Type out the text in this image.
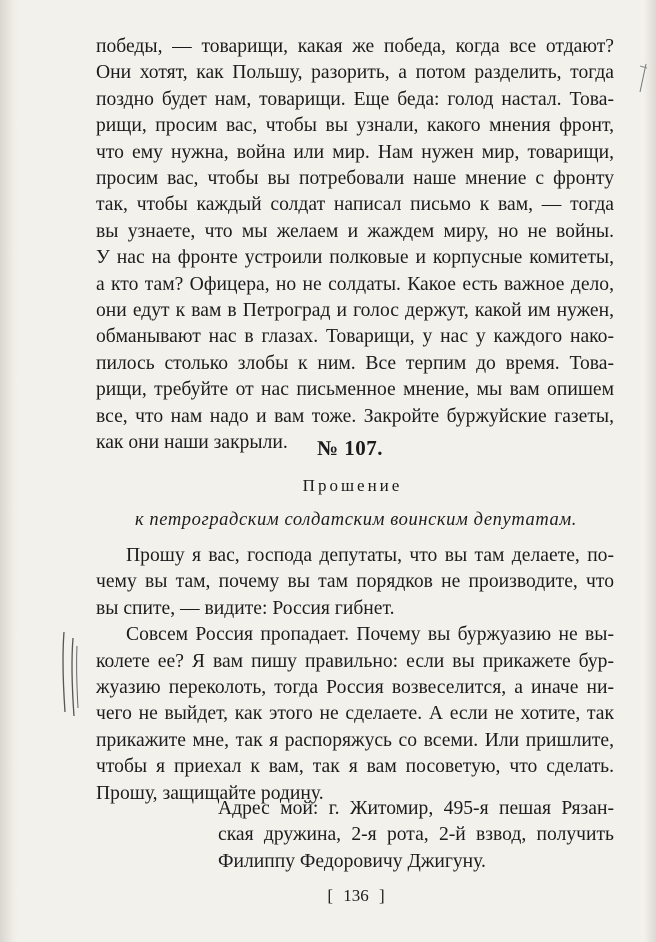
победы, — товарищи, какая же победа, когда все отдают?
Они хотят, как Польшу, разорить, а потом разделить, тогда
поздно будет нам, товарищи. Еще беда: голод настал. Това-
рищи, просим вас, чтобы вы узнали, какого мнения фронт,
что ему нужна, война или мир. Нам нужен мир, товарищи,
просим вас, чтобы вы потребовали наше мнение с фронту
так, чтобы каждый солдат написал письмо к вам, — тогда
вы узнаете, что мы желаем и жаждем миру, но не войны.
У нас на фронте устроили полковые и корпусные комитеты,
а кто там? Офицера, но не солдаты. Какое есть важное дело,
они едут к вам в Петроград и голос держут, какой им нужен,
обманывают нас в глазах. Товарищи, у нас у каждого нако-
пилось столько злобы к ним. Все терпим до время. Това-
рищи, требуйте от нас письменное мнение, мы вам опишем
все, что нам надо и вам тоже. Закройте буржуйские газеты,
как они наши закрыли.	№ 107.
Прошение
к петроградским солдатским воинским депутатам.
Прошу я вас, господа депутаты, что вы там делаете, по-
чему вы там, почему вы там порядков не производите, что
вы спите, — видите: Россия гибнет.
Совсем Россия пропадает. Почему вы буржуазию не вы-
колете ее? Я вам пишу правильно: если вы прикажете бур-
жуазию переколоть, тогда Россия возвеселится, а иначе ни-
чего не выйдет, как этого не сделаете. А если не хотите, так
прикажите мне, так я распоряжусь со всеми. Или пришлите,
чтобы я приехал к вам, так я вам посоветую, что сделать.
Прошу, защищайте родину.
Адрес мой: г. Житомир, 495-я пешая Рязан-
ская дружина, 2-я рота, 2-й взвод, получить
Филиппу Федоровичу Джигуну.
[ 136 ]
